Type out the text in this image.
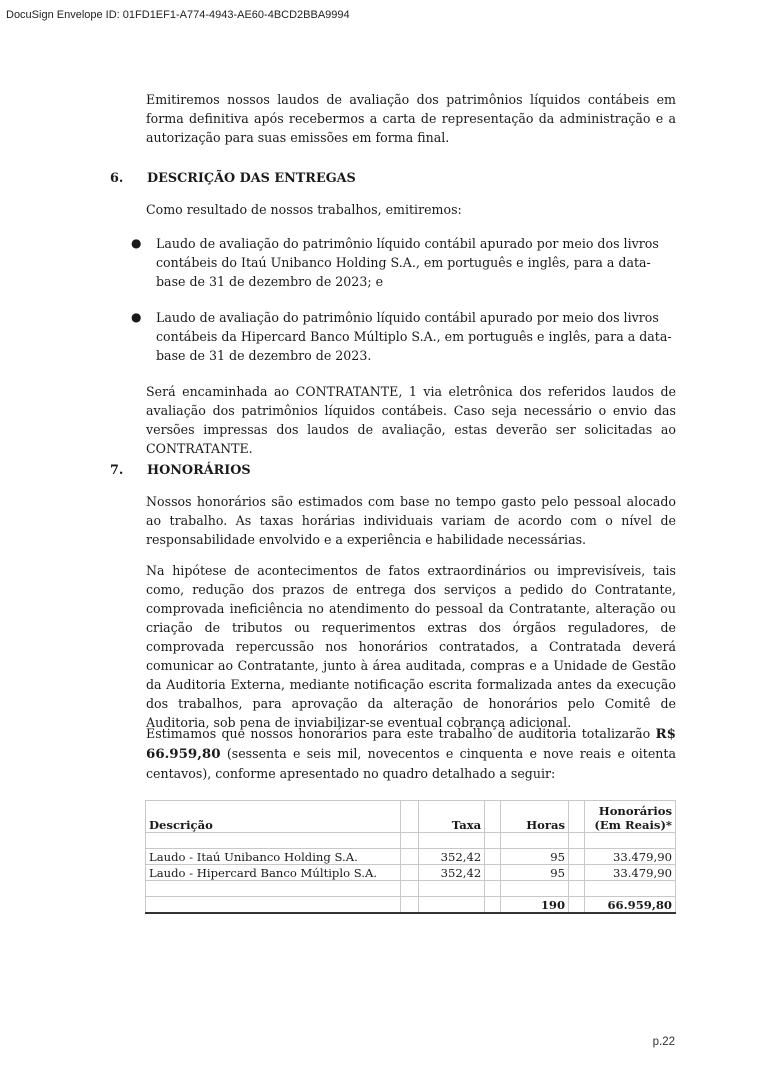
DocuSign Envelope ID: 01FD1EF1-A774-4943-AE60-4BCD2BBA9994

Emitiremos nossos laudos de avaliação dos patrimônios líquidos contábeis em forma definitiva após recebermos a carta de representação da administração e a autorização para suas emissões em forma final.

6. DESCRIÇÃO DAS ENTREGAS

Como resultado de nossos trabalhos, emitiremos:

● Laudo de avaliação do patrimônio líquido contábil apurado por meio dos livros contábeis do Itaú Unibanco Holding S.A., em português e inglês, para a data-base de 31 de dezembro de 2023; e

● Laudo de avaliação do patrimônio líquido contábil apurado por meio dos livros contábeis da Hipercard Banco Múltiplo S.A., em português e inglês, para a data-base de 31 de dezembro de 2023.

Será encaminhada ao CONTRATANTE, 1 via eletrônica dos referidos laudos de avaliação dos patrimônios líquidos contábeis. Caso seja necessário o envio das versões impressas dos laudos de avaliação, estas deverão ser solicitadas ao CONTRATANTE.

7. HONORÁRIOS

Nossos honorários são estimados com base no tempo gasto pelo pessoal alocado ao trabalho. As taxas horárias individuais variam de acordo com o nível de responsabilidade envolvido e a experiência e habilidade necessárias.

Na hipótese de acontecimentos de fatos extraordinários ou imprevisíveis, tais como, redução dos prazos de entrega dos serviços a pedido do Contratante, comprovada ineficiência no atendimento do pessoal da Contratante, alteração ou criação de tributos ou requerimentos extras dos órgãos reguladores, de comprovada repercussão nos honorários contratados, a Contratada deverá comunicar ao Contratante, junto à área auditada, compras e a Unidade de Gestão da Auditoria Externa, mediante notificação escrita formalizada antes da execução dos trabalhos, para aprovação da alteração de honorários pelo Comitê de Auditoria, sob pena de inviabilizar-se eventual cobrança adicional.

Estimamos que nossos honorários para este trabalho de auditoria totalizarão R$ 66.959,80 (sessenta e seis mil, novecentos e cinquenta e nove reais e oitenta centavos), conforme apresentado no quadro detalhado a seguir:

Descrição		Taxa		Horas		Honorários
(Em Reais)*

Laudo - Itaú Unibanco Holding S.A.		352,42		95		33.479,90
Laudo - Hipercard Banco Múltiplo S.A.		352,42		95		33.479,90

				190		66.959,80
p.22
